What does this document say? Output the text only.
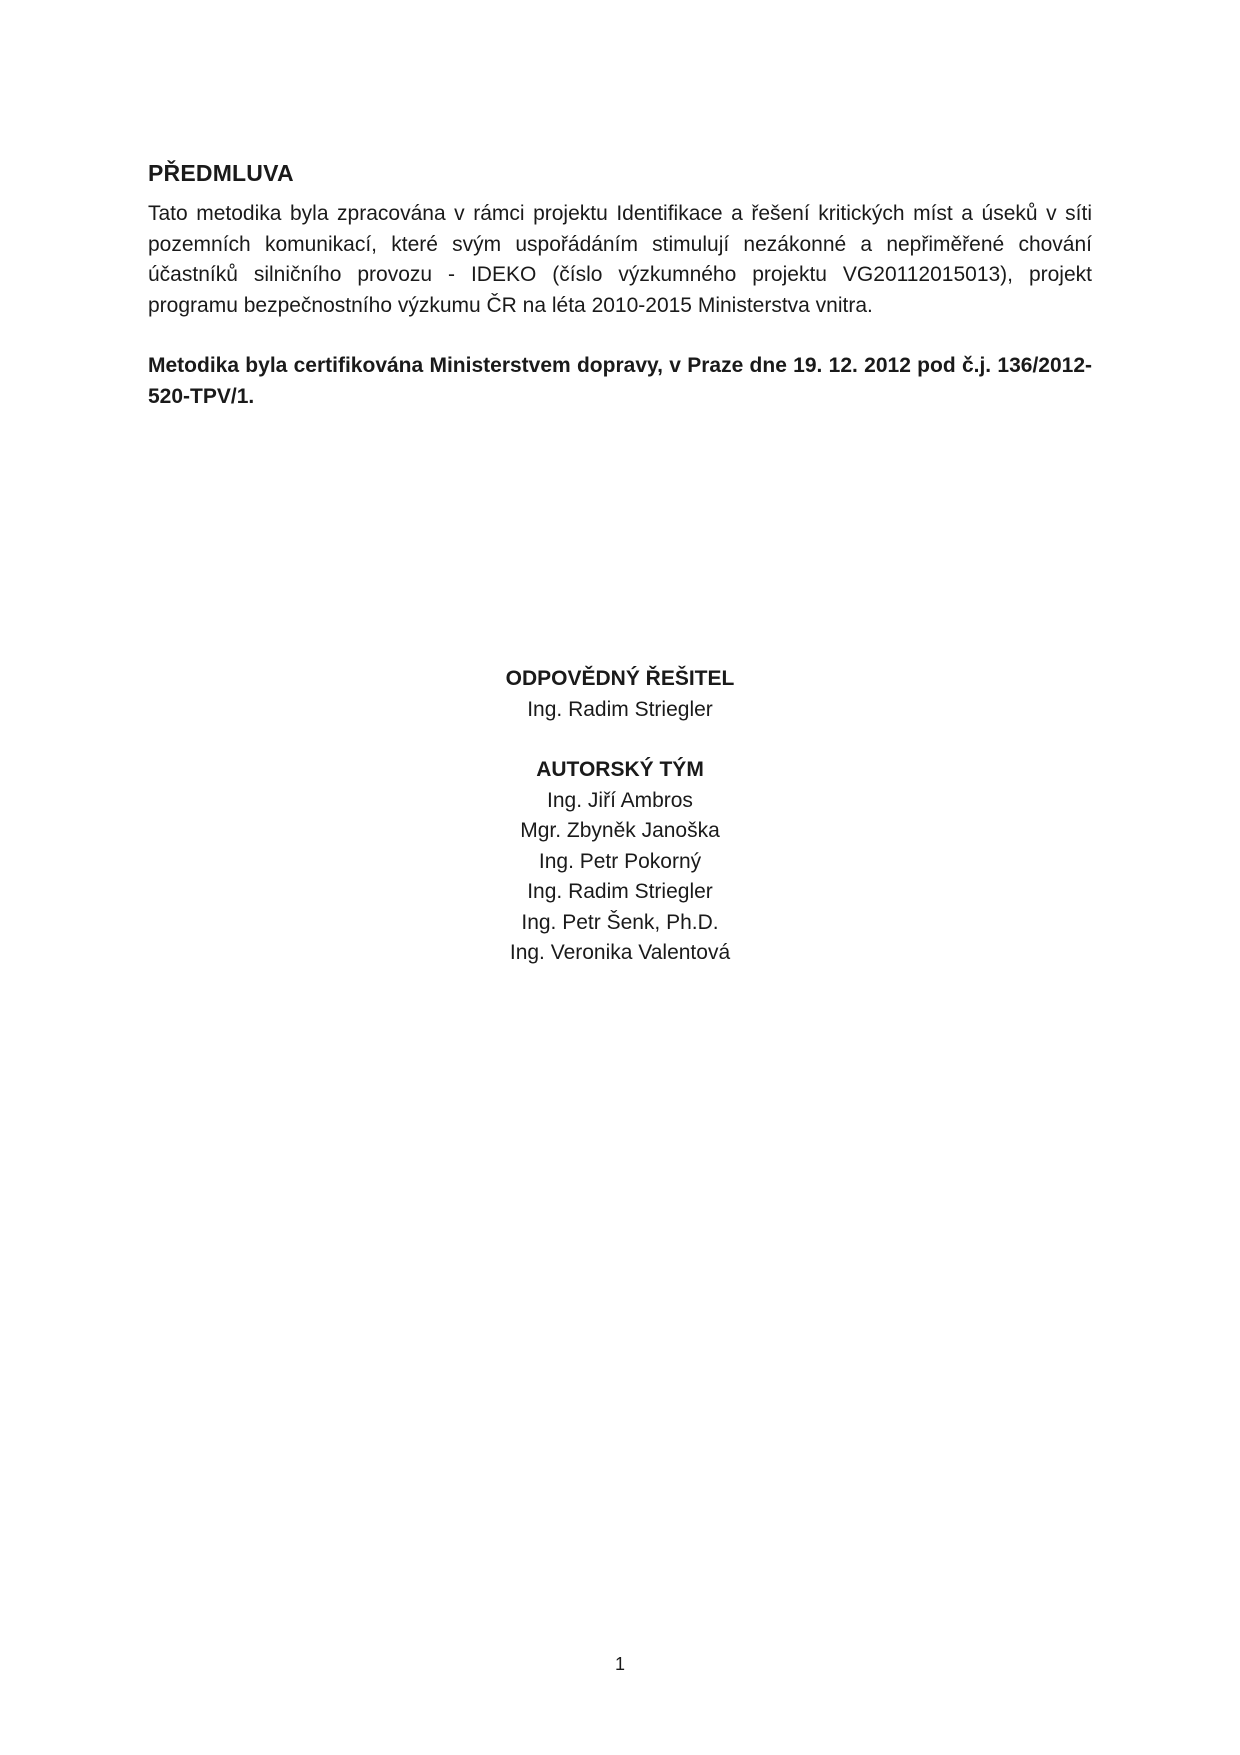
PŘEDMLUVA

Tato metodika byla zpracována v rámci projektu Identifikace a řešení kritických míst a úseků v síti pozemních komunikací, které svým uspořádáním stimulují nezákonné a nepřiměřené chování účastníků silničního provozu - IDEKO (číslo výzkumného projektu VG20112015013), projekt programu bezpečnostního výzkumu ČR na léta 2010-2015 Ministerstva vnitra.

Metodika byla certifikována Ministerstvem dopravy, v Praze dne 19. 12. 2012 pod č.j. 136/2012-520-TPV/1.

ODPOVĚDNÝ ŘEŠITEL
Ing. Radim Striegler
AUTORSKÝ TÝM
Ing. Jiří Ambros
Mgr. Zbyněk Janoška
Ing. Petr Pokorný
Ing. Radim Striegler
Ing. Petr Šenk, Ph.D.
Ing. Veronika Valentová
1
